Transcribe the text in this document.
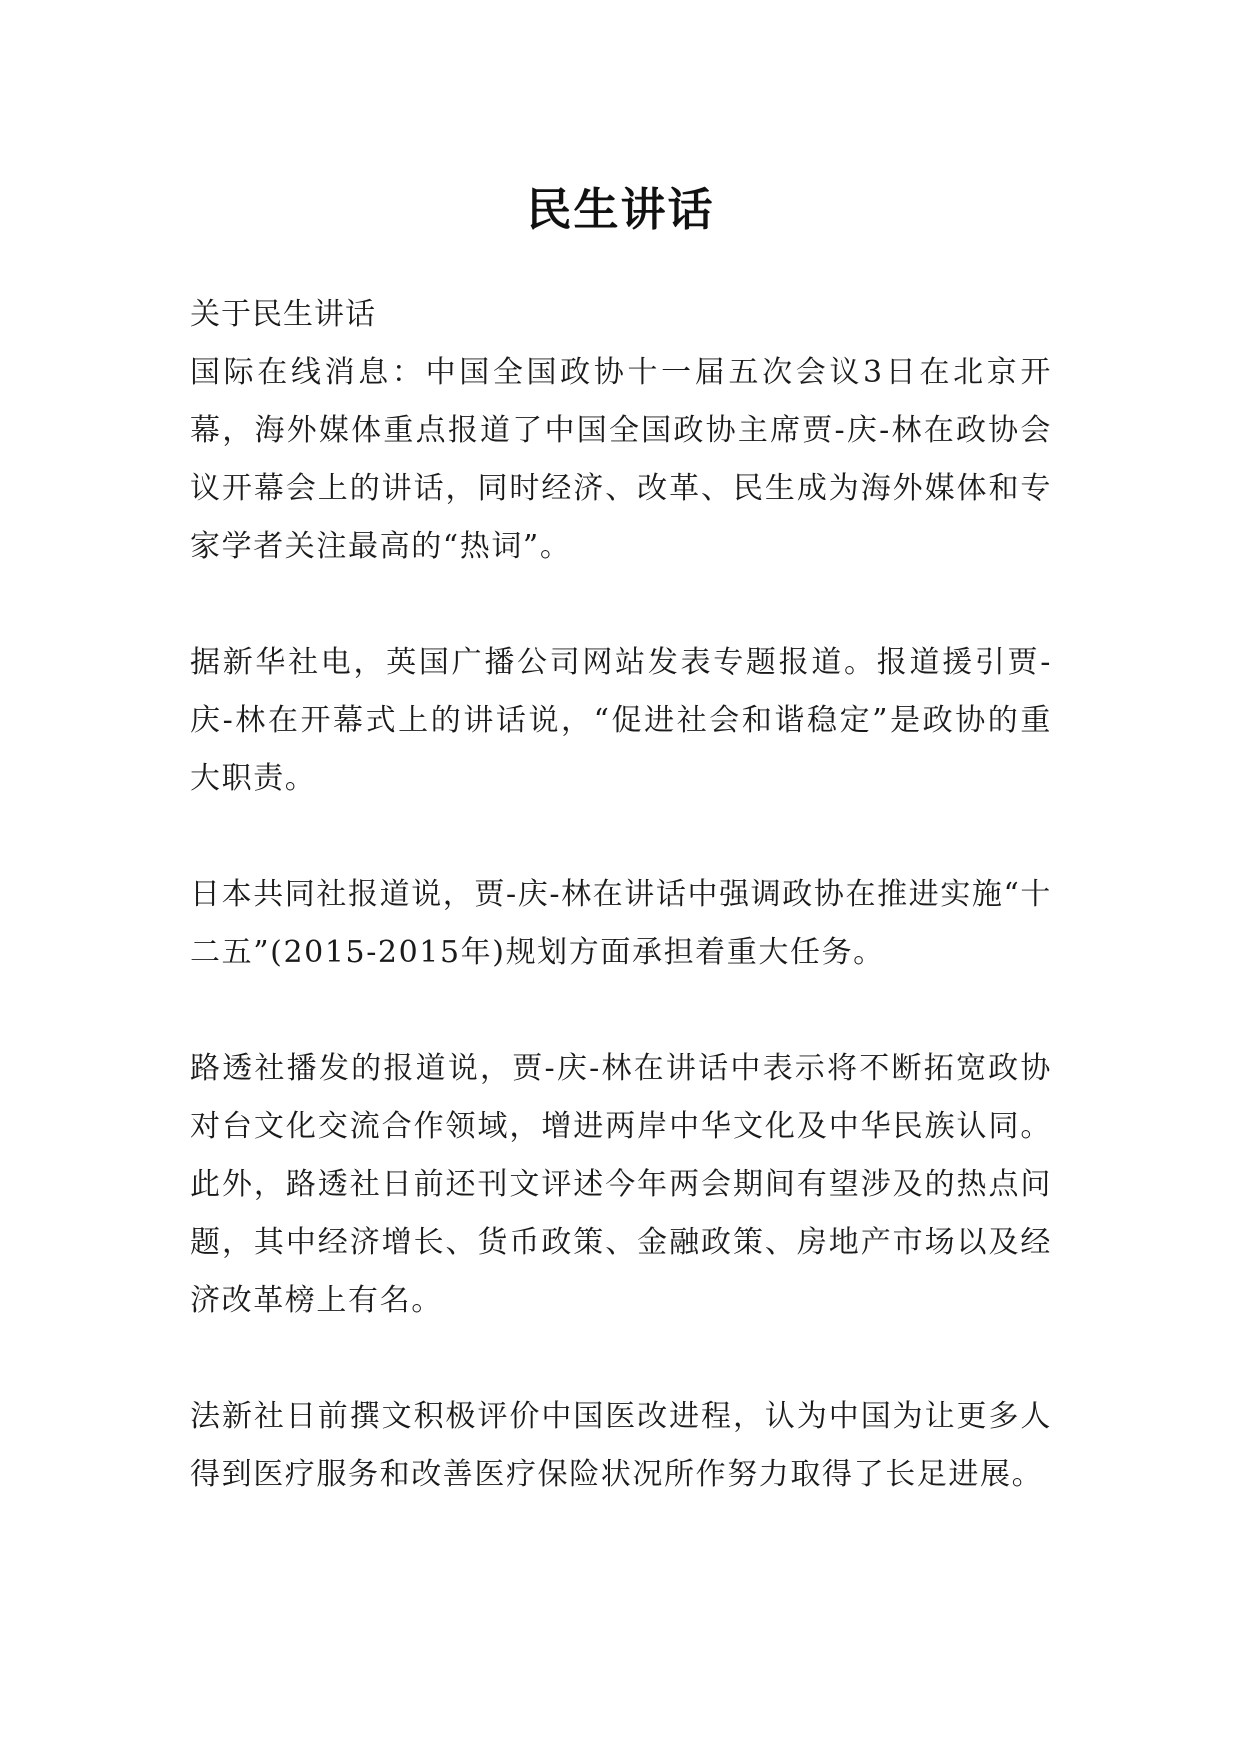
民生讲话

关于民生讲话

国际在线消息：中国全国政协十一届五次会议3日在北京开幕，海外媒体重点报道了中国全国政协主席贾-庆-林在政协会议开幕会上的讲话，同时经济、改革、民生成为海外媒体和专家学者关注最高的“热词”。

据新华社电，英国广播公司网站发表专题报道。报道援引贾-庆-林在开幕式上的讲话说，“促进社会和谐稳定”是政协的重大职责。

日本共同社报道说，贾-庆-林在讲话中强调政协在推进实施“十二五”(2015-2015年)规划方面承担着重大任务。

路透社播发的报道说，贾-庆-林在讲话中表示将不断拓宽政协对台文化交流合作领域，增进两岸中华文化及中华民族认同。此外，路透社日前还刊文评述今年两会期间有望涉及的热点问题，其中经济增长、货币政策、金融政策、房地产市场以及经济改革榜上有名。

法新社日前撰文积极评价中国医改进程，认为中国为让更多人得到医疗服务和改善医疗保险状况所作努力取得了长足进展。
